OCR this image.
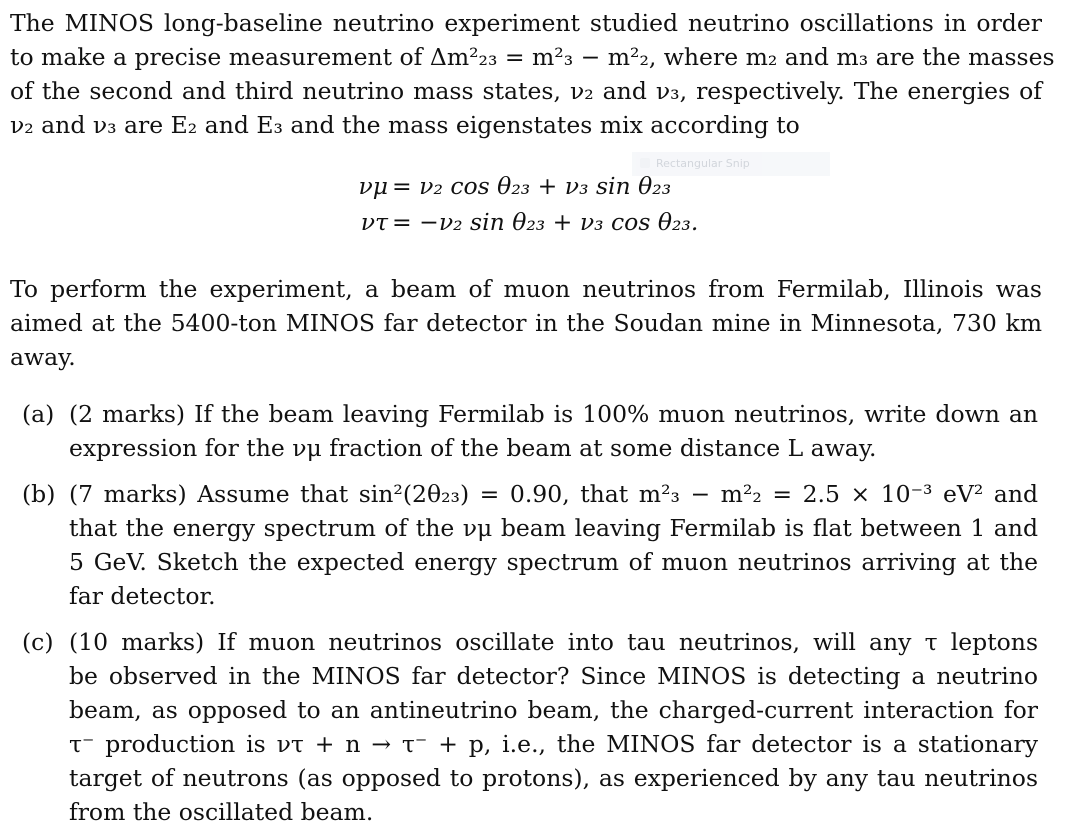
The MINOS long-baseline neutrino experiment studied neutrino oscillations in order
to make a precise measurement of Δm²₂₃ = m²₃ − m²₂, where m₂ and m₃ are the masses
of the second and third neutrino mass states, ν₂ and ν₃, respectively. The energies of
ν₂ and ν₃ are E₂ and E₃ and the mass eigenstates mix according to
Rectangular Snip
νμ = ν₂ cos θ₂₃ + ν₃ sin θ₂₃
ντ = −ν₂ sin θ₂₃ + ν₃ cos θ₂₃.
To perform the experiment, a beam of muon neutrinos from Fermilab, Illinois was
aimed at the 5400-ton MINOS far detector in the Soudan mine in Minnesota, 730 km
away.
(a) (2 marks) If the beam leaving Fermilab is 100% muon neutrinos, write down an
expression for the νμ fraction of the beam at some distance L away.
(b) (7 marks) Assume that sin²(2θ₂₃) = 0.90, that m²₃ − m²₂ = 2.5 × 10⁻³ eV² and
that the energy spectrum of the νμ beam leaving Fermilab is flat between 1 and
5 GeV. Sketch the expected energy spectrum of muon neutrinos arriving at the
far detector.
(c) (10 marks) If muon neutrinos oscillate into tau neutrinos, will any τ leptons
be observed in the MINOS far detector? Since MINOS is detecting a neutrino
beam, as opposed to an antineutrino beam, the charged-current interaction for
τ⁻ production is ντ + n → τ⁻ + p, i.e., the MINOS far detector is a stationary
target of neutrons (as opposed to protons), as experienced by any tau neutrinos
from the oscillated beam.
